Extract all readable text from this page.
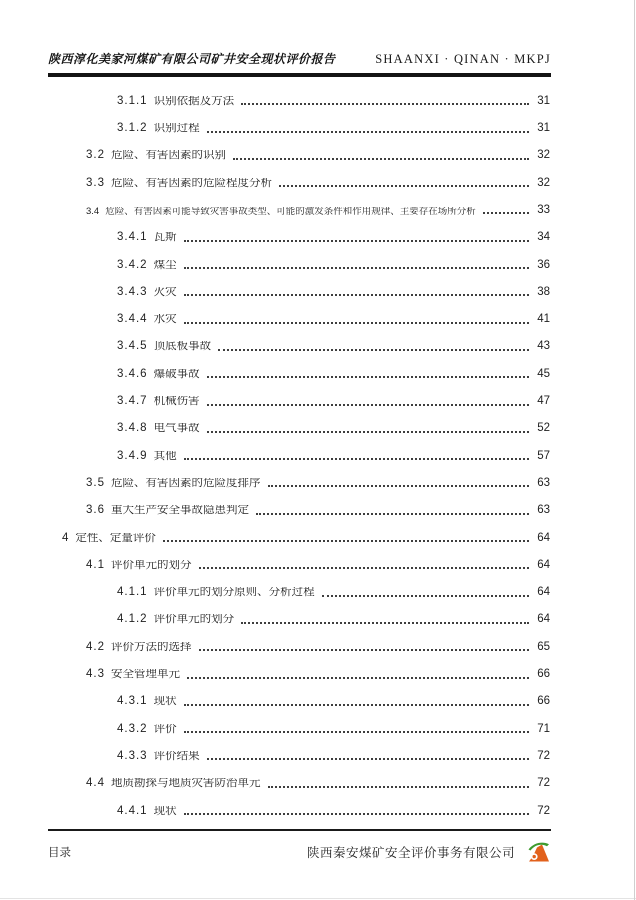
陕西淳化美家河煤矿有限公司矿井安全现状评价报告	SHAANXI · QINAN · MKPJ
3.1.1 识别依据及方法	31
3.1.2 识别过程	31
3.2 危险、有害因素的识别	32
3.3 危险、有害因素的危险程度分析	32
3.4 危险、有害因素可能导致灾害事故类型、可能的激发条件和作用规律、主要存在场所分析	33
3.4.1 瓦斯	34
3.4.2 煤尘	36
3.4.3 火灾	38
3.4.4 水灾	41
3.4.5 顶底板事故	43
3.4.6 爆破事故	45
3.4.7 机械伤害	47
3.4.8 电气事故	52
3.4.9 其他	57
3.5 危险、有害因素的危险度排序	63
3.6 重大生产安全事故隐患判定	63
4 定性、定量评价	64
4.1 评价单元的划分	64
4.1.1 评价单元的划分原则、分析过程	64
4.1.2 评价单元的划分	64
4.2 评价方法的选择	65
4.3 安全管理单元	66
4.3.1 现状	66
4.3.2 评价	71
4.3.3 评价结果	72
4.4 地质勘探与地质灾害防治单元	72
4.4.1 现状	72
目录	陕西秦安煤矿安全评价事务有限公司
